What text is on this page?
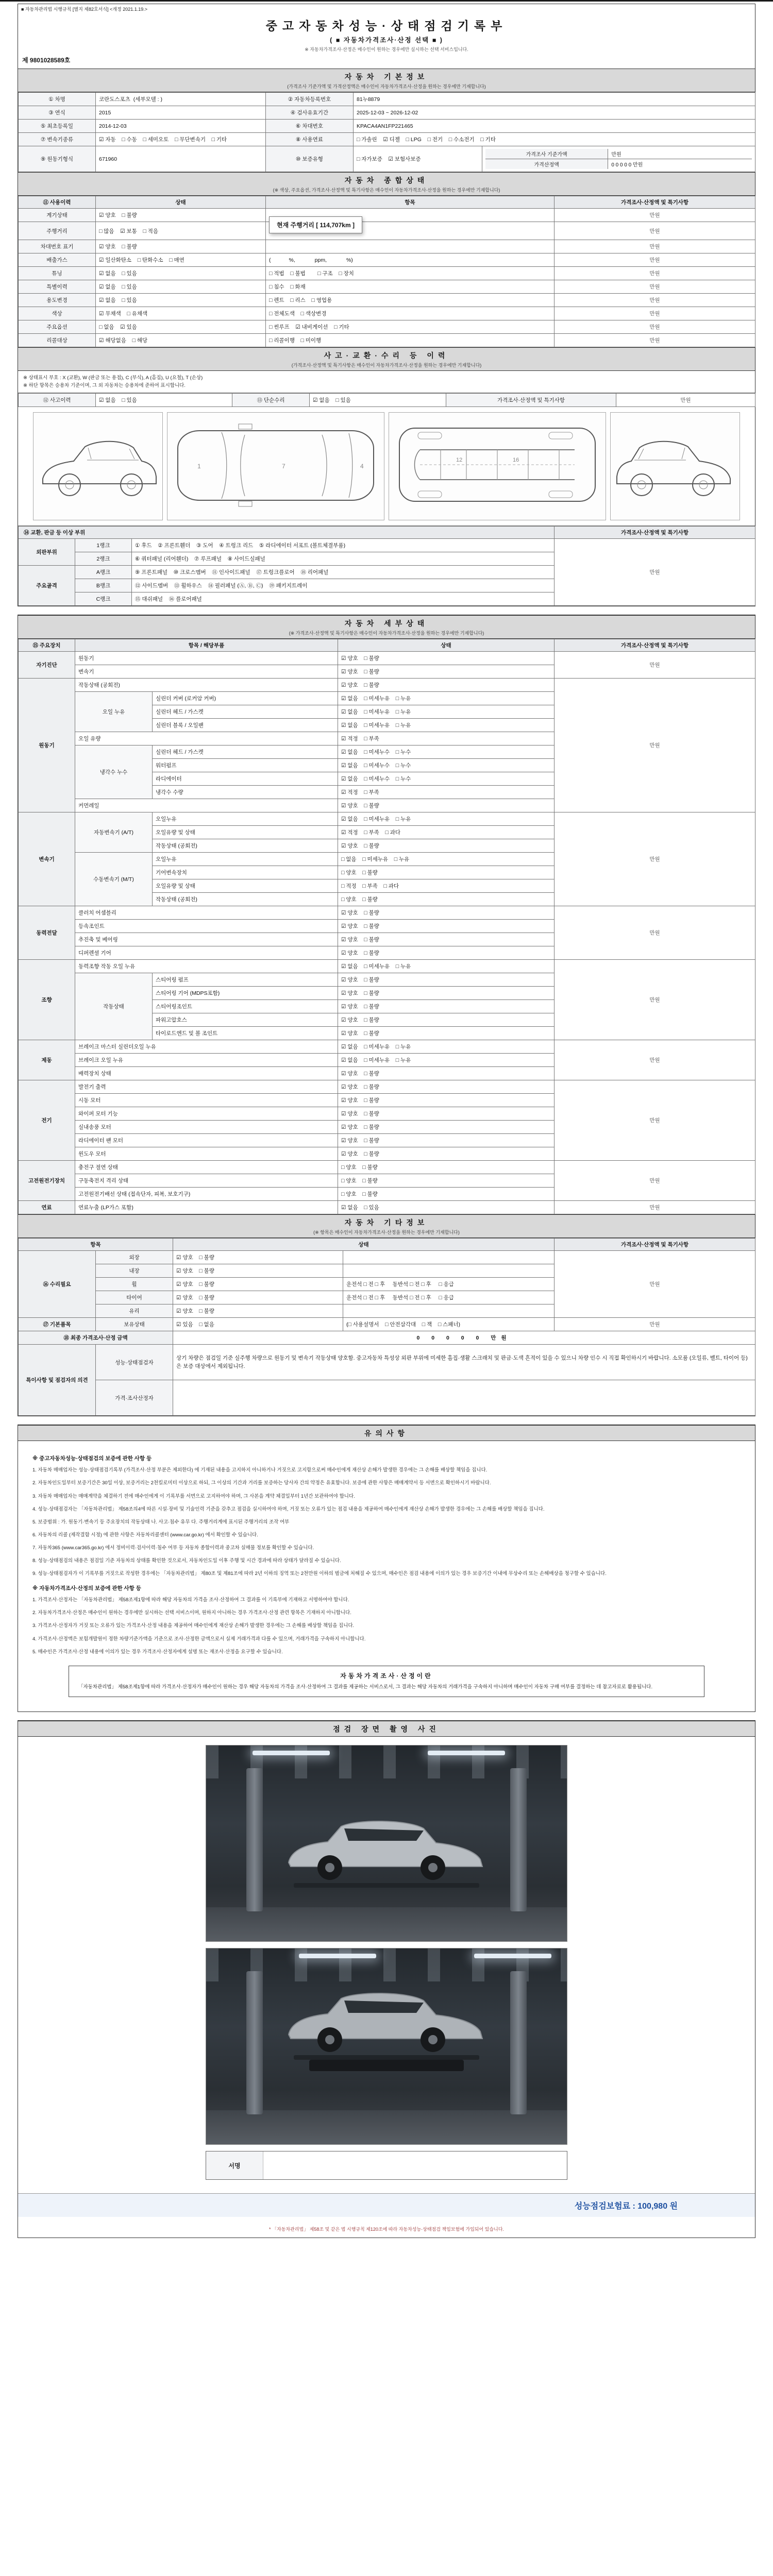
■ 자동차관리법 시행규칙 [별지 제82호서식] <개정 2021.1.19.>
중고자동차성능·상태점검기록부
( ■ 자동차가격조사·산정 선택 ■ )
※ 자동차가격조사·산정은 매수인이 원하는 경우에만 실시하는 선택 서비스입니다.
제 9801028589호
자동차 기본정보
(가격조사 기준가액 및 가격산정액은 매수인이 자동차가격조사·산정을 원하는 경우에만 기재합니다)
① 차명	코란도스포츠  (세부모델 : )	② 자동차등록번호	81누8879
③ 연식	2015	④ 검사유효기간	2025-12-03 ~ 2026-12-02
⑤ 최초등록일	2014-12-03	⑥ 차대번호	KPACA4AN1FP221465
⑦ 변속기종류	☑ 자동    □ 수동    □ 세미오토    □ 무단변속기    □ 기타	⑧ 사용연료	□ 가솔린    ☑ 디젤    □ LPG    □ 전기    □ 수소전기    □ 기타
⑨ 원동기형식	671960	⑩ 보증유형	□ 자가보증    ☑ 보험사보증	
가격조사 기준가액	만원
가격산정액	0 0 0 0 0 만원
자동차 종합상태
(※ 색상, 주요옵션, 가격조사·산정액 및 특기사항은 매수인이 자동차가격조사·산정을 원하는 경우에만 기재합니다)
⑪ 사용이력	상태	항목	가격조사·산정액 및 특기사항
계기상태	☑ 양호    □ 불량		만원
주행거리	□ 많음    ☑ 보통    □ 적음	현재 주행거리 [ 114,707km ]	만원
차대번호 표기	☑ 양호    □ 불량		만원
배출가스	☑ 일산화탄소    □ 탄화수소    □ 매연	(            %,             ppm,             %)	만원
튜닝	☑ 없음    □ 있음	□ 적법    □ 불법        □ 구조    □ 장치	만원
특별이력	☑ 없음    □ 있음	□ 침수    □ 화재	만원
용도변경	☑ 없음    □ 있음	□ 렌트    □ 리스    □ 영업용	만원
색상	☑ 무채색    □ 유채색	□ 전체도색    □ 색상변경	만원
주요옵션	□ 없음    ☑ 있음	□ 썬루프    ☑ 내비게이션    □ 기타	만원
리콜대상	☑ 해당없음    □ 해당	□ 리콜이행    □ 미이행	만원
사고·교환·수리 등 이력
(가격조사·산정액 및 특기사항은 매수인이 자동차가격조사·산정을 원하는 경우에만 기재합니다)
※ 상태표시 부호 : X (교환), W (판금 또는 용접), C (부식), A (흠집), U (요철), T (손상)
※ 하단 항목은 승용차 기준이며, 그 외 자동차는 승용차에 준하여 표시합니다.
⑫ 사고이력	☑ 없음    □ 있음	⑬ 단순수리	☑ 없음    □ 있음	가격조사·산정액 및 특기사항	만원
1	7	4
12	16
⑭ 교환, 판금 등 이상 부위			가격조사·산정액 및 특기사항
외판부위	1랭크	① 후드    ② 프론트휀더    ③ 도어    ④ 트렁크 리드    ⑤ 라디에이터 서포트 (볼트체결부품)	만원
	2랭크	⑥ 쿼터패널 (리어휀더)    ⑦ 루프패널    ⑧ 사이드실패널	
주요골격	A랭크	⑨ 프론트패널    ⑩ 크로스멤버    ⑪ 인사이드패널    ⑰ 트렁크플로어    ⑱ 리어패널	
	B랭크	⑫ 사이드멤버    ⑬ 휠하우스    ⑭ 필러패널 (Ⓐ, Ⓑ, Ⓒ)    ⑲ 패키지트레이	
	C랭크	⑮ 대쉬패널    ⑯ 플로어패널	
자동차 세부상태
(※ 가격조사·산정액 및 특기사항은 매수인이 자동차가격조사·산정을 원하는 경우에만 기재합니다)
⑮ 주요장치	항목 / 해당부품		상태	가격조사·산정액 및 특기사항
자기진단	원동기		☑ 양호    □ 불량	만원
	변속기		☑ 양호    □ 불량	
원동기	작동상태 (공회전)		☑ 양호    □ 불량	만원
	오일 누유	실린더 커버 (로커암 커버)	☑ 없음    □ 미세누유    □ 누유	
		실린더 헤드 / 가스켓	☑ 없음    □ 미세누유    □ 누유	
		실린더 블록 / 오일팬	☑ 없음    □ 미세누유    □ 누유	
	오일 유량		☑ 적정    □ 부족	
	냉각수 누수	실린더 헤드 / 가스켓	☑ 없음    □ 미세누수    □ 누수	
		워터펌프	☑ 없음    □ 미세누수    □ 누수	
		라디에이터	☑ 없음    □ 미세누수    □ 누수	
		냉각수 수량	☑ 적정    □ 부족	
	커먼레일		☑ 양호    □ 불량	
변속기	자동변속기 (A/T)	오일누유	☑ 없음    □ 미세누유    □ 누유	만원
		오일유량 및 상태	☑ 적정    □ 부족    □ 과다	
		작동상태 (공회전)	☑ 양호    □ 불량	
	수동변속기 (M/T)	오일누유	□ 없음    □ 미세누유    □ 누유	
		기어변속장치	□ 양호    □ 불량	
		오일유량 및 상태	□ 적정    □ 부족    □ 과다	
		작동상태 (공회전)	□ 양호    □ 불량	
동력전달	클러치 어셈블리		☑ 양호    □ 불량	만원
	등속조인트		☑ 양호    □ 불량	
	추진축 및 베어링		☑ 양호    □ 불량	
	디퍼렌셜 기어		☑ 양호    □ 불량	
조향	동력조향 작동 오일 누유		☑ 없음    □ 미세누유    □ 누유	만원
	작동상태	스티어링 펌프	☑ 양호    □ 불량	
		스티어링 기어 (MDPS포함)	☑ 양호    □ 불량	
		스티어링조인트	☑ 양호    □ 불량	
		파워고압호스	☑ 양호    □ 불량	
		타이로드엔드 및 볼 조인트	☑ 양호    □ 불량	
제동	브레이크 마스터 실린더오일 누유		☑ 없음    □ 미세누유    □ 누유	만원
	브레이크 오일 누유		☑ 없음    □ 미세누유    □ 누유	
	배력장치 상태		☑ 양호    □ 불량	
전기	발전기 출력		☑ 양호    □ 불량	만원
	시동 모터		☑ 양호    □ 불량	
	와이퍼 모터 기능		☑ 양호    □ 불량	
	실내송풍 모터		☑ 양호    □ 불량	
	라디에이터 팬 모터		☑ 양호    □ 불량	
	윈도우 모터		☑ 양호    □ 불량	
고전원전기장치	충전구 절연 상태		□ 양호    □ 불량	만원
	구동축전지 격리 상태		□ 양호    □ 불량	
	고전원전기배선 상태 (접속단자, 피복, 보호기구)		□ 양호    □ 불량	
연료	연료누출 (LP가스 포함)		☑ 없음    □ 있음	만원
자동차 기타정보
(※ 항목은 매수인이 자동차가격조사·산정을 원하는 경우에만 기재합니다)
항목		상태		가격조사·산정액 및 특기사항
⑯ 수리필요	외장	☑ 양호    □ 불량		만원
	내장	☑ 양호    □ 불량		
	휠	☑ 양호    □ 불량	운전석 □ 전 □ 후     동반석 □ 전 □ 후     □ 응급	
	타이어	☑ 양호    □ 불량	운전석 □ 전 □ 후     동반석 □ 전 □ 후     □ 응급	
	유리	☑ 양호    □ 불량		
⑰ 기본품목	보유상태	☑ 있음    □ 없음	(□ 사용설명서    □ 안전삼각대    □ 잭    □ 스패너)	만원
⑱ 최종 가격조사·산정 금액		0 0 0 0 0 만원		
특이사항 및 점검자의 의견	성능·상태점검자	상기 차량은 점검일 기준 실주행 차량으로 원동기 및 변속기 작동상태 양호함. 중고자동차 특성상 외판 부위에 미세한 흠집·생활 스크래치 및 판금·도색 흔적이 있을 수 있으니 차량 인수 시 직접 확인하시기 바랍니다. 소모품 (오일류, 벨트, 타이어 등) 은 보증 대상에서 제외됩니다.		
	가격·조사산정자			
유의사항

※ 중고자동차성능·상태점검의 보증에 관한 사항 등

1. 자동차 매매업자는 성능·상태점검기록부 (가격조사·산정 부분은 제외한다) 에 기재된 내용을 고지하지 아니하거나 거짓으로 고지함으로써 매수인에게 재산상 손해가 발생한 경우에는 그 손해를 배상할 책임을 집니다.

2. 자동차인도일부터 보증기간은 30일 이상, 보증거리는 2천킬로미터 이상으로 하되, 그 이상의 기간과 거리를 보증하는 당사자 간의 약정은 유효합니다. 보증에 관한 사항은 매매계약서 등 서면으로 확인하시기 바랍니다.

3. 자동차 매매업자는 매매계약을 체결하기 전에 매수인에게 이 기록부를 서면으로 고지하여야 하며, 그 사본을 계약 체결일부터 1년간 보관하여야 합니다.

4. 성능·상태점검자는 「자동차관리법」 제58조의4에 따른 시설·장비 및 기술인력 기준을 갖추고 점검을 실시하여야 하며, 거짓 또는 오류가 있는 점검 내용을 제공하여 매수인에게 재산상 손해가 발생한 경우에는 그 손해를 배상할 책임을 집니다.

5. 보증범위 : 가. 원동기·변속기 등 주요장치의 작동상태 나. 사고·침수 유무 다. 주행거리계에 표시된 주행거리의 조작 여부

6. 자동차의 리콜 (제작결함 시정) 에 관한 사항은 자동차리콜센터 (www.car.go.kr) 에서 확인할 수 있습니다.

7. 자동차365 (www.car365.go.kr) 에서 정비이력·검사이력·침수 여부 등 자동차 종합이력과 중고차 실매물 정보를 확인할 수 있습니다.

8. 성능·상태점검의 내용은 점검일 기준 자동차의 상태를 확인한 것으로서, 자동차인도일 이후 주행 및 시간 경과에 따라 상태가 달라질 수 있습니다.

9. 성능·상태점검자가 이 기록부를 거짓으로 작성한 경우에는 「자동차관리법」 제80조 및 제81조에 따라 2년 이하의 징역 또는 2천만원 이하의 벌금에 처해질 수 있으며, 매수인은 점검 내용에 이의가 있는 경우 보증기간 이내에 무상수리 또는 손해배상을 청구할 수 있습니다.

※ 자동차가격조사·산정의 보증에 관한 사항 등

1. 가격조사·산정자는 「자동차관리법」 제58조제1항에 따라 해당 자동차의 가격을 조사·산정하여 그 결과를 이 기록부에 기재하고 서명하여야 합니다.

2. 자동차가격조사·산정은 매수인이 원하는 경우에만 실시하는 선택 서비스이며, 원하지 아니하는 경우 가격조사·산정 관련 항목은 기재하지 아니합니다.

3. 가격조사·산정자가 거짓 또는 오류가 있는 가격조사·산정 내용을 제공하여 매수인에게 재산상 손해가 발생한 경우에는 그 손해를 배상할 책임을 집니다.

4. 가격조사·산정액은 보험개발원이 정한 차량기준가액을 기준으로 조사·산정한 금액으로서 실제 거래가격과 다를 수 있으며, 거래가격을 구속하지 아니합니다.

5. 매수인은 가격조사·산정 내용에 이의가 있는 경우 가격조사·산정자에게 설명 또는 재조사·산정을 요구할 수 있습니다.

자동차가격조사·산정이란
「자동차관리법」 제58조제1항에 따라 가격조사·산정자가 매수인이 원하는 경우 해당 자동차의 가격을 조사·산정하여 그 결과를 제공하는 서비스로서, 그 결과는 해당 자동차의 거래가격을 구속하지 아니하며 매수인이 자동차 구매 여부를 결정하는 데 참고자료로 활용됩니다.
점검 장면 촬영 사진
서명
성능점검보험료 : 100,980 원
* 「자동차관리법」 제58조 및 같은 법 시행규칙 제120조에 따라 자동차성능·상태점검 책임보험에 가입되어 있습니다.
